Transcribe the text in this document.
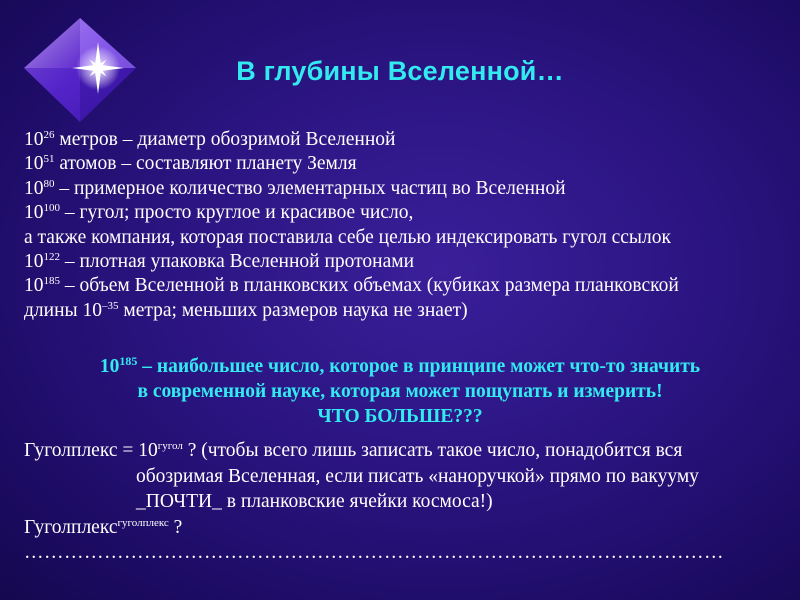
В глубины Вселенной…
$10^{26}$ метров – диаметр обозримой Вселенной
$10^{51}$ атомов – составляют планету Земля
$10^{80}$ – примерное количество элементарных частиц во Вселенной
$10^{100}$ – гугол; просто круглое и красивое число,
а также компания, которая поставила себе целью индексировать гугол ссылок
$10^{122}$ – плотная упаковка Вселенной протонами
$10^{185}$ – объем Вселенной в планковских объемах (кубиках размера планковской
длины $10^{-35}$ метра; меньших размеров наука не знает)
$10^{185}$ – наибольшее число, которое в принципе может что-то значить
в современной науке, которая может пощупать и измерить!
ЧТО БОЛЬШЕ???
Гуголплекс = $10^{гугол}$ ? (чтобы всего лишь записать такое число, понадобится вся
обозримая Вселенная, если писать «наноручкой» прямо по вакууму
_ПОЧТИ_ в планковские ячейки космоса!)
Гуголплекс$^{гуголплекс}$ ?
……………………………………………………………………………………………
